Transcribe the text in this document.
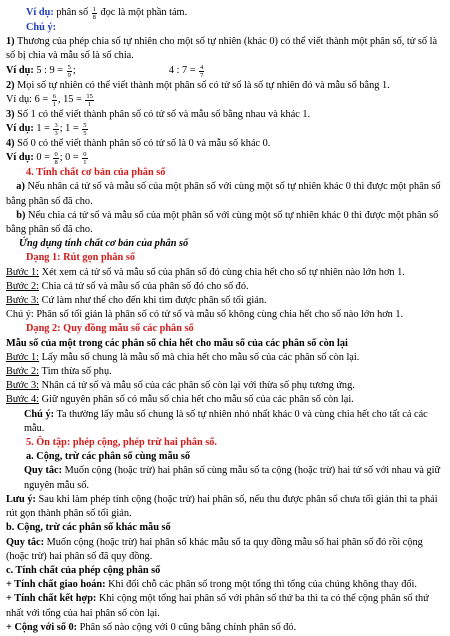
Ví dụ: phân số $\frac{1}{8}$ đọc là một phần tám.
Chú ý:
1) Thương của phép chia số tự nhiên cho một số tự nhiên (khác 0) có thể viết thành một phân số, tử số là số bị chia và mẫu số là số chia.
Ví dụ: 5 : $9 = \frac{5}{9}$ ;	4 : $7 = \frac{4}{7}$
2) Mọi số tự nhiên có thể viết thành một phân số có tử số là số tự nhiên đó và mẫu số bằng 1.
Ví dụ: $6 = \frac{6}{1}$ , $15 = \frac{15}{1}$
3) Số 1 có thể viết thành phân số có tử số và mẫu số bằng nhau và khác 1.
Ví dụ: $1 = \frac{3}{3}$ ; $1 = \frac{5}{5}$
4) Số 0 có thể viết thành phân số có tử số là 0 và mẫu số khác 0.
Ví dụ: $0 = \frac{0}{8}$ ; $0 = \frac{0}{1}$
4. Tính chất cơ bản của phân số
a) Nếu nhân cả tử số và mẫu số của một phân số với cùng một số tự nhiên khác 0 thì được một phân số bằng phân số đã cho.
b) Nếu chia cả tử số và mẫu số của một phân số với cùng một số tự nhiên khác 0 thì được một phân số bằng phân số đã cho.
Ứng dụng tính chất cơ bản của phân số
Dạng 1: Rút gọn phân số
Bước 1: Xét xem cả tử số và mẫu số của phân số đó cùng chia hết cho số tự nhiên nào lớn hơn 1.
Bước 2: Chia cả tử số và mẫu số của phân số đó cho số đó.
Bước 3: Cứ làm như thế cho đến khi tìm được phân số tối giản.
Chú ý: Phân số tối giản là phân số có tử số và mẫu số không cùng chia hết cho số nào lớn hơn 1.
Dạng 2: Quy đồng mẫu số các phân số
Mẫu số của một trong các phân số chia hết cho mẫu số của các phân số còn lại
Bước 1: Lấy mẫu số chung là mẫu số mà chia hết cho mẫu số của các phân số còn lại.
Bước 2: Tìm thừa số phụ.
Bước 3: Nhân cả tử số và mẫu số của các phân số còn lại với thừa số phụ tương ứng.
Bước 4: Giữ nguyên phân số có mẫu số chia hết cho mẫu số của các phân số còn lại.
Chú ý: Ta thường lấy mẫu số chung là số tự nhiên nhỏ nhất khác 0 và cùng chia hết cho tất cả các mẫu.
5. Ôn tập: phép cộng, phép trừ hai phân số.
a. Cộng, trừ các phân số cùng mẫu số
Quy tắc: Muốn cộng (hoặc trừ) hai phân số cùng mẫu số ta cộng (hoặc trừ) hai tử số với nhau và giữ nguyên mẫu số.
Lưu ý: Sau khi làm phép tính cộng (hoặc trừ) hai phân số, nếu thu được phân số chưa tối giản thì ta phải rút gọn thành phân số tối giản.
b. Cộng, trừ các phân số khác mẫu số
Quy tắc: Muốn cộng (hoặc trừ) hai phân số khác mẫu số ta quy đồng mẫu số hai phân số đó rồi cộng (hoặc trừ) hai phân số đã quy đồng.
c. Tính chất của phép cộng phân số
+ Tính chất giao hoán: Khi đổi chỗ các phân số trong một tổng thì tổng của chúng không thay đổi.
+ Tính chất kết hợp: Khi cộng một tổng hai phân số với phân số thứ ba thì ta có thể cộng phân số thứ nhất với tổng của hai phân số còn lại.
+ Cộng với số 0: Phân số nào cộng với 0 cũng bằng chính phân số đó.
